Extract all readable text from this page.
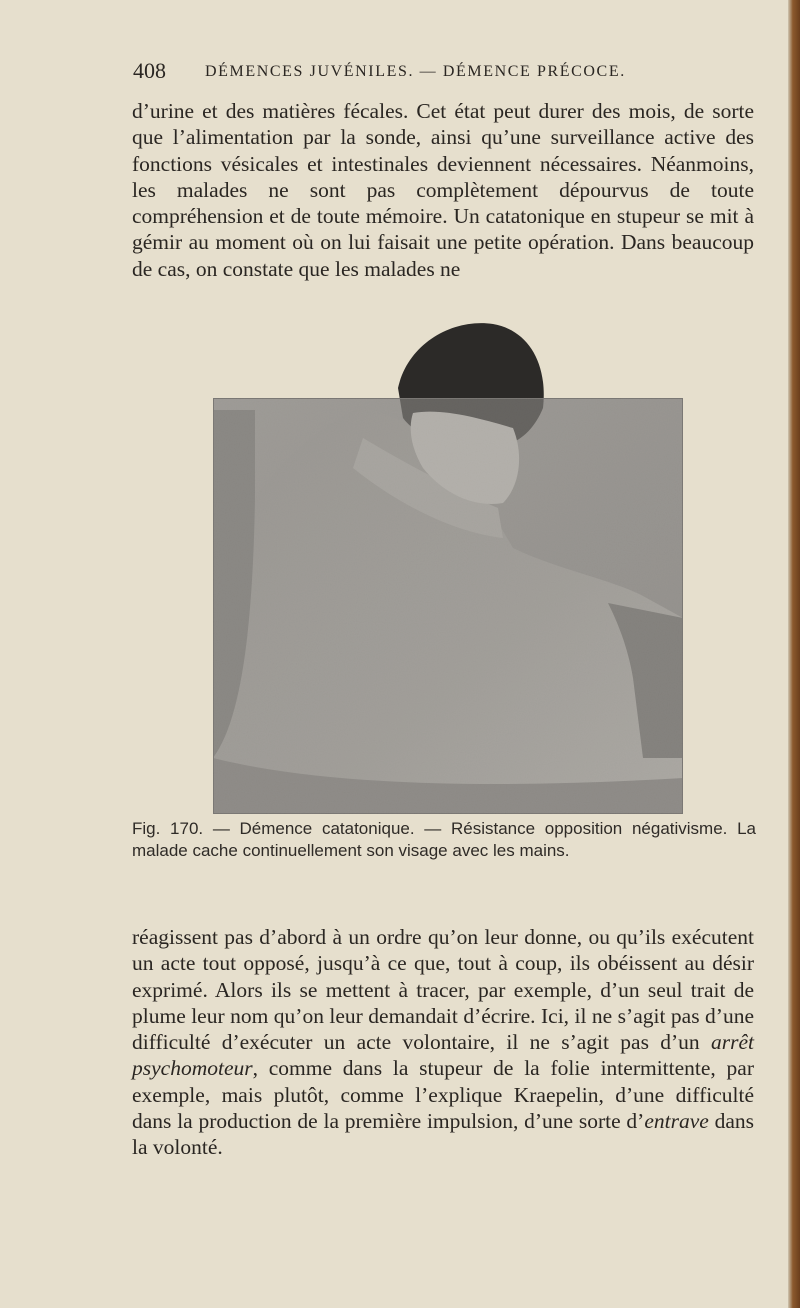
408 DÉMENCES JUVÉNILES. — DÉMENCE PRÉCOCE.

d’urine et des matières fécales. Cet état peut durer des mois, de sorte que l’alimentation par la sonde, ainsi qu’une surveillance active des fonctions vésicales et intestinales deviennent nécessaires. Néanmoins, les malades ne sont pas complètement dépourvus de toute compréhension et de toute mémoire. Un catatonique en stupeur se mit à gémir au moment où on lui faisait une petite opération. Dans beaucoup de cas, on constate que les malades ne

Fig. 170. — Démence catatonique. — Résistance opposition négativisme. La malade cache continuellement son visage avec les mains.

réagissent pas d’abord à un ordre qu’on leur donne, ou qu’ils exécutent un acte tout opposé, jusqu’à ce que, tout à coup, ils obéissent au désir exprimé. Alors ils se mettent à tracer, par exemple, d’un seul trait de plume leur nom qu’on leur demandait d’écrire. Ici, il ne s’agit pas d’une difficulté d’exécuter un acte volontaire, il ne s’agit pas d’un arrêt psychomoteur, comme dans la stupeur de la folie intermittente, par exemple, mais plutôt, comme l’explique Kraepelin, d’une difficulté dans la production de la première impulsion, d’une sorte d’entrave dans la volonté.
